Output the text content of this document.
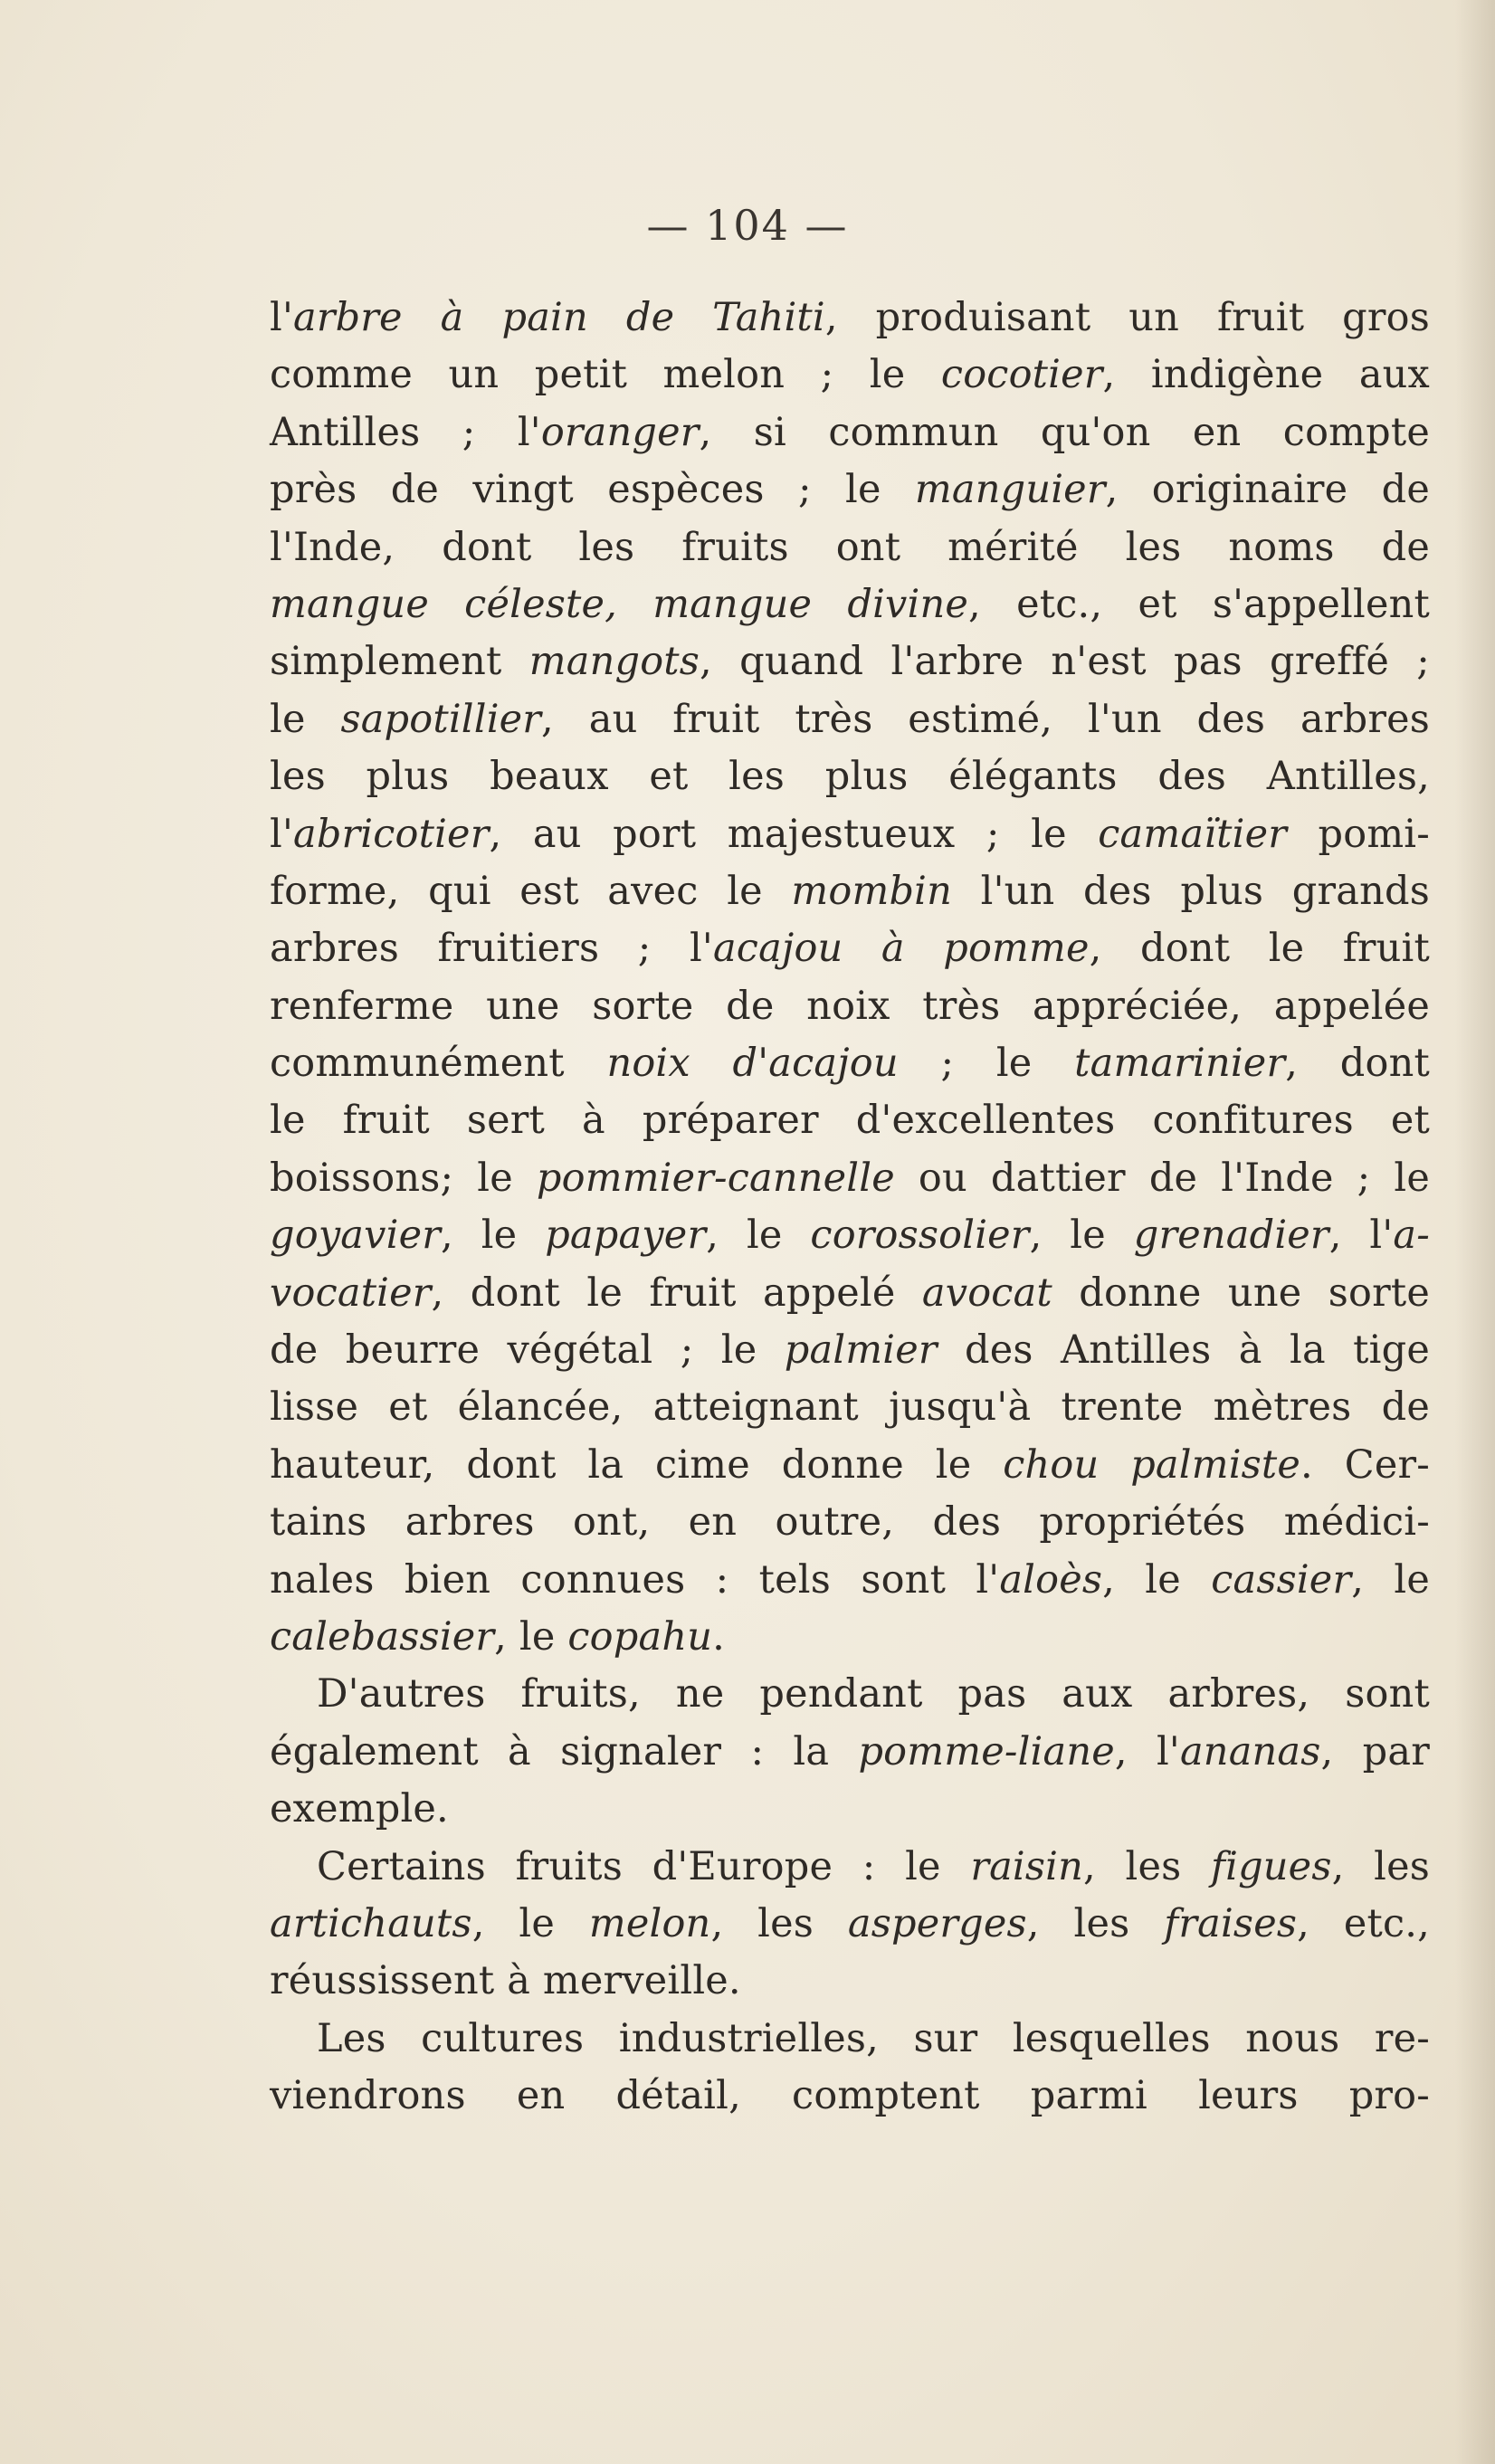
— 104 —
l'arbre à pain de Tahiti, produisant un fruit gros
comme un petit melon ; le cocotier, indigène aux
Antilles ; l'oranger, si commun qu'on en compte
près de vingt espèces ; le manguier, originaire de
l'Inde, dont les fruits ont mérité les noms de
mangue céleste, mangue divine, etc., et s'appellent
simplement mangots, quand l'arbre n'est pas greffé ;
le sapotillier, au fruit très estimé, l'un des arbres
les plus beaux et les plus élégants des Antilles,
l'abricotier, au port majestueux ; le camaïtier pomi-
forme, qui est avec le mombin l'un des plus grands
arbres fruitiers ; l'acajou à pomme, dont le fruit
renferme une sorte de noix très appréciée, appelée
communément noix d'acajou ; le tamarinier, dont
le fruit sert à préparer d'excellentes confitures et
boissons; le pommier-cannelle ou dattier de l'Inde ; le
goyavier, le papayer, le corossolier, le grenadier, l'a-
vocatier, dont le fruit appelé avocat donne une sorte
de beurre végétal ; le palmier des Antilles à la tige
lisse et élancée, atteignant jusqu'à trente mètres de
hauteur, dont la cime donne le chou palmiste. Cer-
tains arbres ont, en outre, des propriétés médici-
nales bien connues : tels sont l'aloès, le cassier, le
calebassier, le copahu.
D'autres fruits, ne pendant pas aux arbres, sont
également à signaler : la pomme-liane, l'ananas, par
exemple.
Certains fruits d'Europe : le raisin, les figues, les
artichauts, le melon, les asperges, les fraises, etc.,
réussissent à merveille.
Les cultures industrielles, sur lesquelles nous re-
viendrons en détail, comptent parmi leurs pro-
